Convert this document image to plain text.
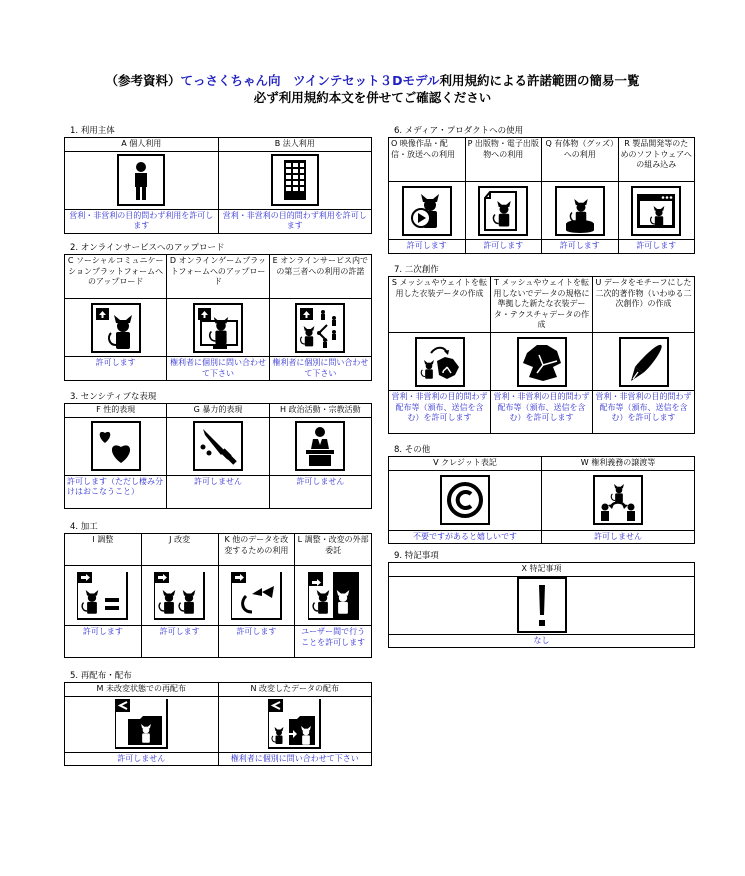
（参考資料）てっさくちゃん向　ツインテセット３Dモデル利用規約による許諾範囲の簡易一覧
必ず利用規約本文を併せてご確認ください
1. 利用主体
A 個人利用	B 法人利用

営利・非営利の目的問わず利用を許可します	営利・非営利の目的問わず利用を許可します
2. オンラインサービスへのアップロード
C ソーシャルコミュニケーションプラットフォームへのアップロード	D オンラインゲームプラットフォームへのアップロード	E オンラインサービス内での第三者への利用の許諾

許可します	権利者に個別に問い合わせて下さい	権利者に個別に問い合わせて下さい
3. センシティブな表現
F 性的表現	G 暴力的表現	H 政治活動・宗教活動

許可します（ただし棲み分けはおこなうこと）	許可しません	許可しません
4. 加工
I 調整	J 改変	K 他のデータを改変するための利用	L 調整・改変の外部委託

許可します	許可します	許可します	ユーザー間で行うことを許可します
5. 再配布・配布
M 未改変状態での再配布	N 改変したデータの配布

許可しません	権利者に個別に問い合わせて下さい
6. メディア・プロダクトへの使用
O 映像作品・配信・放送への利用	P 出版物・電子出版物への利用	Q 有体物（グッズ）への利用	R 製品開発等のためのソフトウェアへの組み込み

許可します	許可します	許可します	許可します
7. 二次創作
S メッシュやウェイトを転用した衣装データの作成	T メッシュやウェイトを転用しないでデータの規格に準拠した新たな衣装データ・テクスチャデータの作成	U データをモチーフにした二次的著作物（いわゆる二次創作）の作成

営利・非営利の目的問わず配布等（頒布、送信を含む）を許可します	営利・非営利の目的問わず配布等（頒布、送信を含む）を許可します	営利・非営利の目的問わず配布等（頒布、送信を含む）を許可します
8. その他
V クレジット表記	W 権利義務の譲渡等

不要ですがあると嬉しいです	許可しません
9. 特記事項
X 特記事項

なし
